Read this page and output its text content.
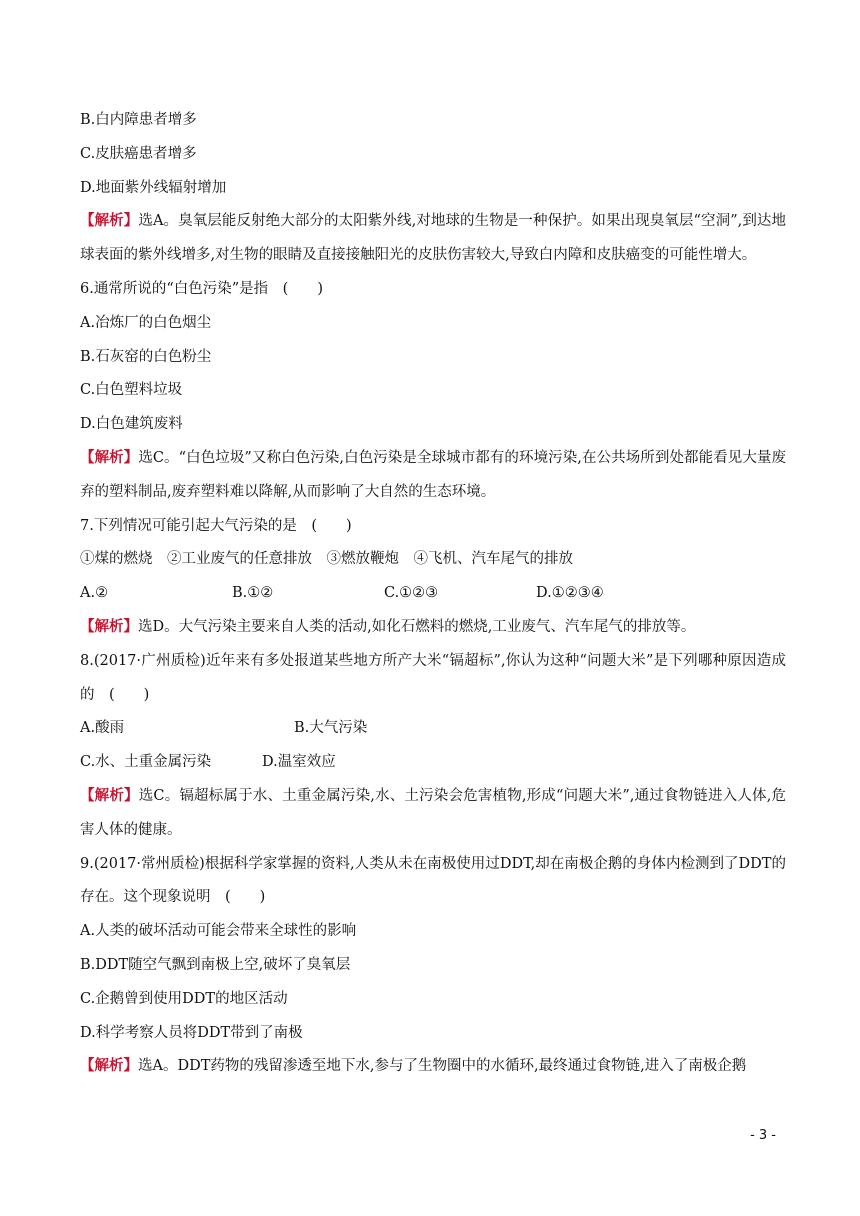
B.白内障患者增多

C.皮肤癌患者增多

D.地面紫外线辐射增加

【解析】选A。臭氧层能反射绝大部分的太阳紫外线,对地球的生物是一种保护。如果出现臭氧层“空洞”,到达地球表面的紫外线增多,对生物的眼睛及直接接触阳光的皮肤伤害较大,导致白内障和皮肤癌变的可能性增大。

6.通常所说的“白色污染”是指　(　　)

A.冶炼厂的白色烟尘

B.石灰窑的白色粉尘

C.白色塑料垃圾

D.白色建筑废料

【解析】选C。“白色垃圾”又称白色污染,白色污染是全球城市都有的环境污染,在公共场所到处都能看见大量废弃的塑料制品,废弃塑料难以降解,从而影响了大自然的生态环境。

7.下列情况可能引起大气污染的是　(　　)

①煤的燃烧　②工业废气的任意排放　③燃放鞭炮　④飞机、汽车尾气的排放

A.②	B.①②	C.①②③	D.①②③④

【解析】选D。大气污染主要来自人类的活动,如化石燃料的燃烧,工业废气、汽车尾气的排放等。

8.(2017·广州质检)近年来有多处报道某些地方所产大米“镉超标”,你认为这种“问题大米”是下列哪种原因造成的　(　　)

A.酸雨	B.大气污染
C.水、土重金属污染	D.温室效应

【解析】选C。镉超标属于水、土重金属污染,水、土污染会危害植物,形成“问题大米”,通过食物链进入人体,危害人体的健康。

9.(2017·常州质检)根据科学家掌握的资料,人类从未在南极使用过DDT,却在南极企鹅的身体内检测到了DDT的存在。这个现象说明　(　　)

A.人类的破坏活动可能会带来全球性的影响

B.DDT随空气飘到南极上空,破坏了臭氧层

C.企鹅曾到使用DDT的地区活动

D.科学考察人员将DDT带到了南极

【解析】选A。DDT药物的残留渗透至地下水,参与了生物圈中的水循环,最终通过食物链,进入了南极企鹅

- 3 -
